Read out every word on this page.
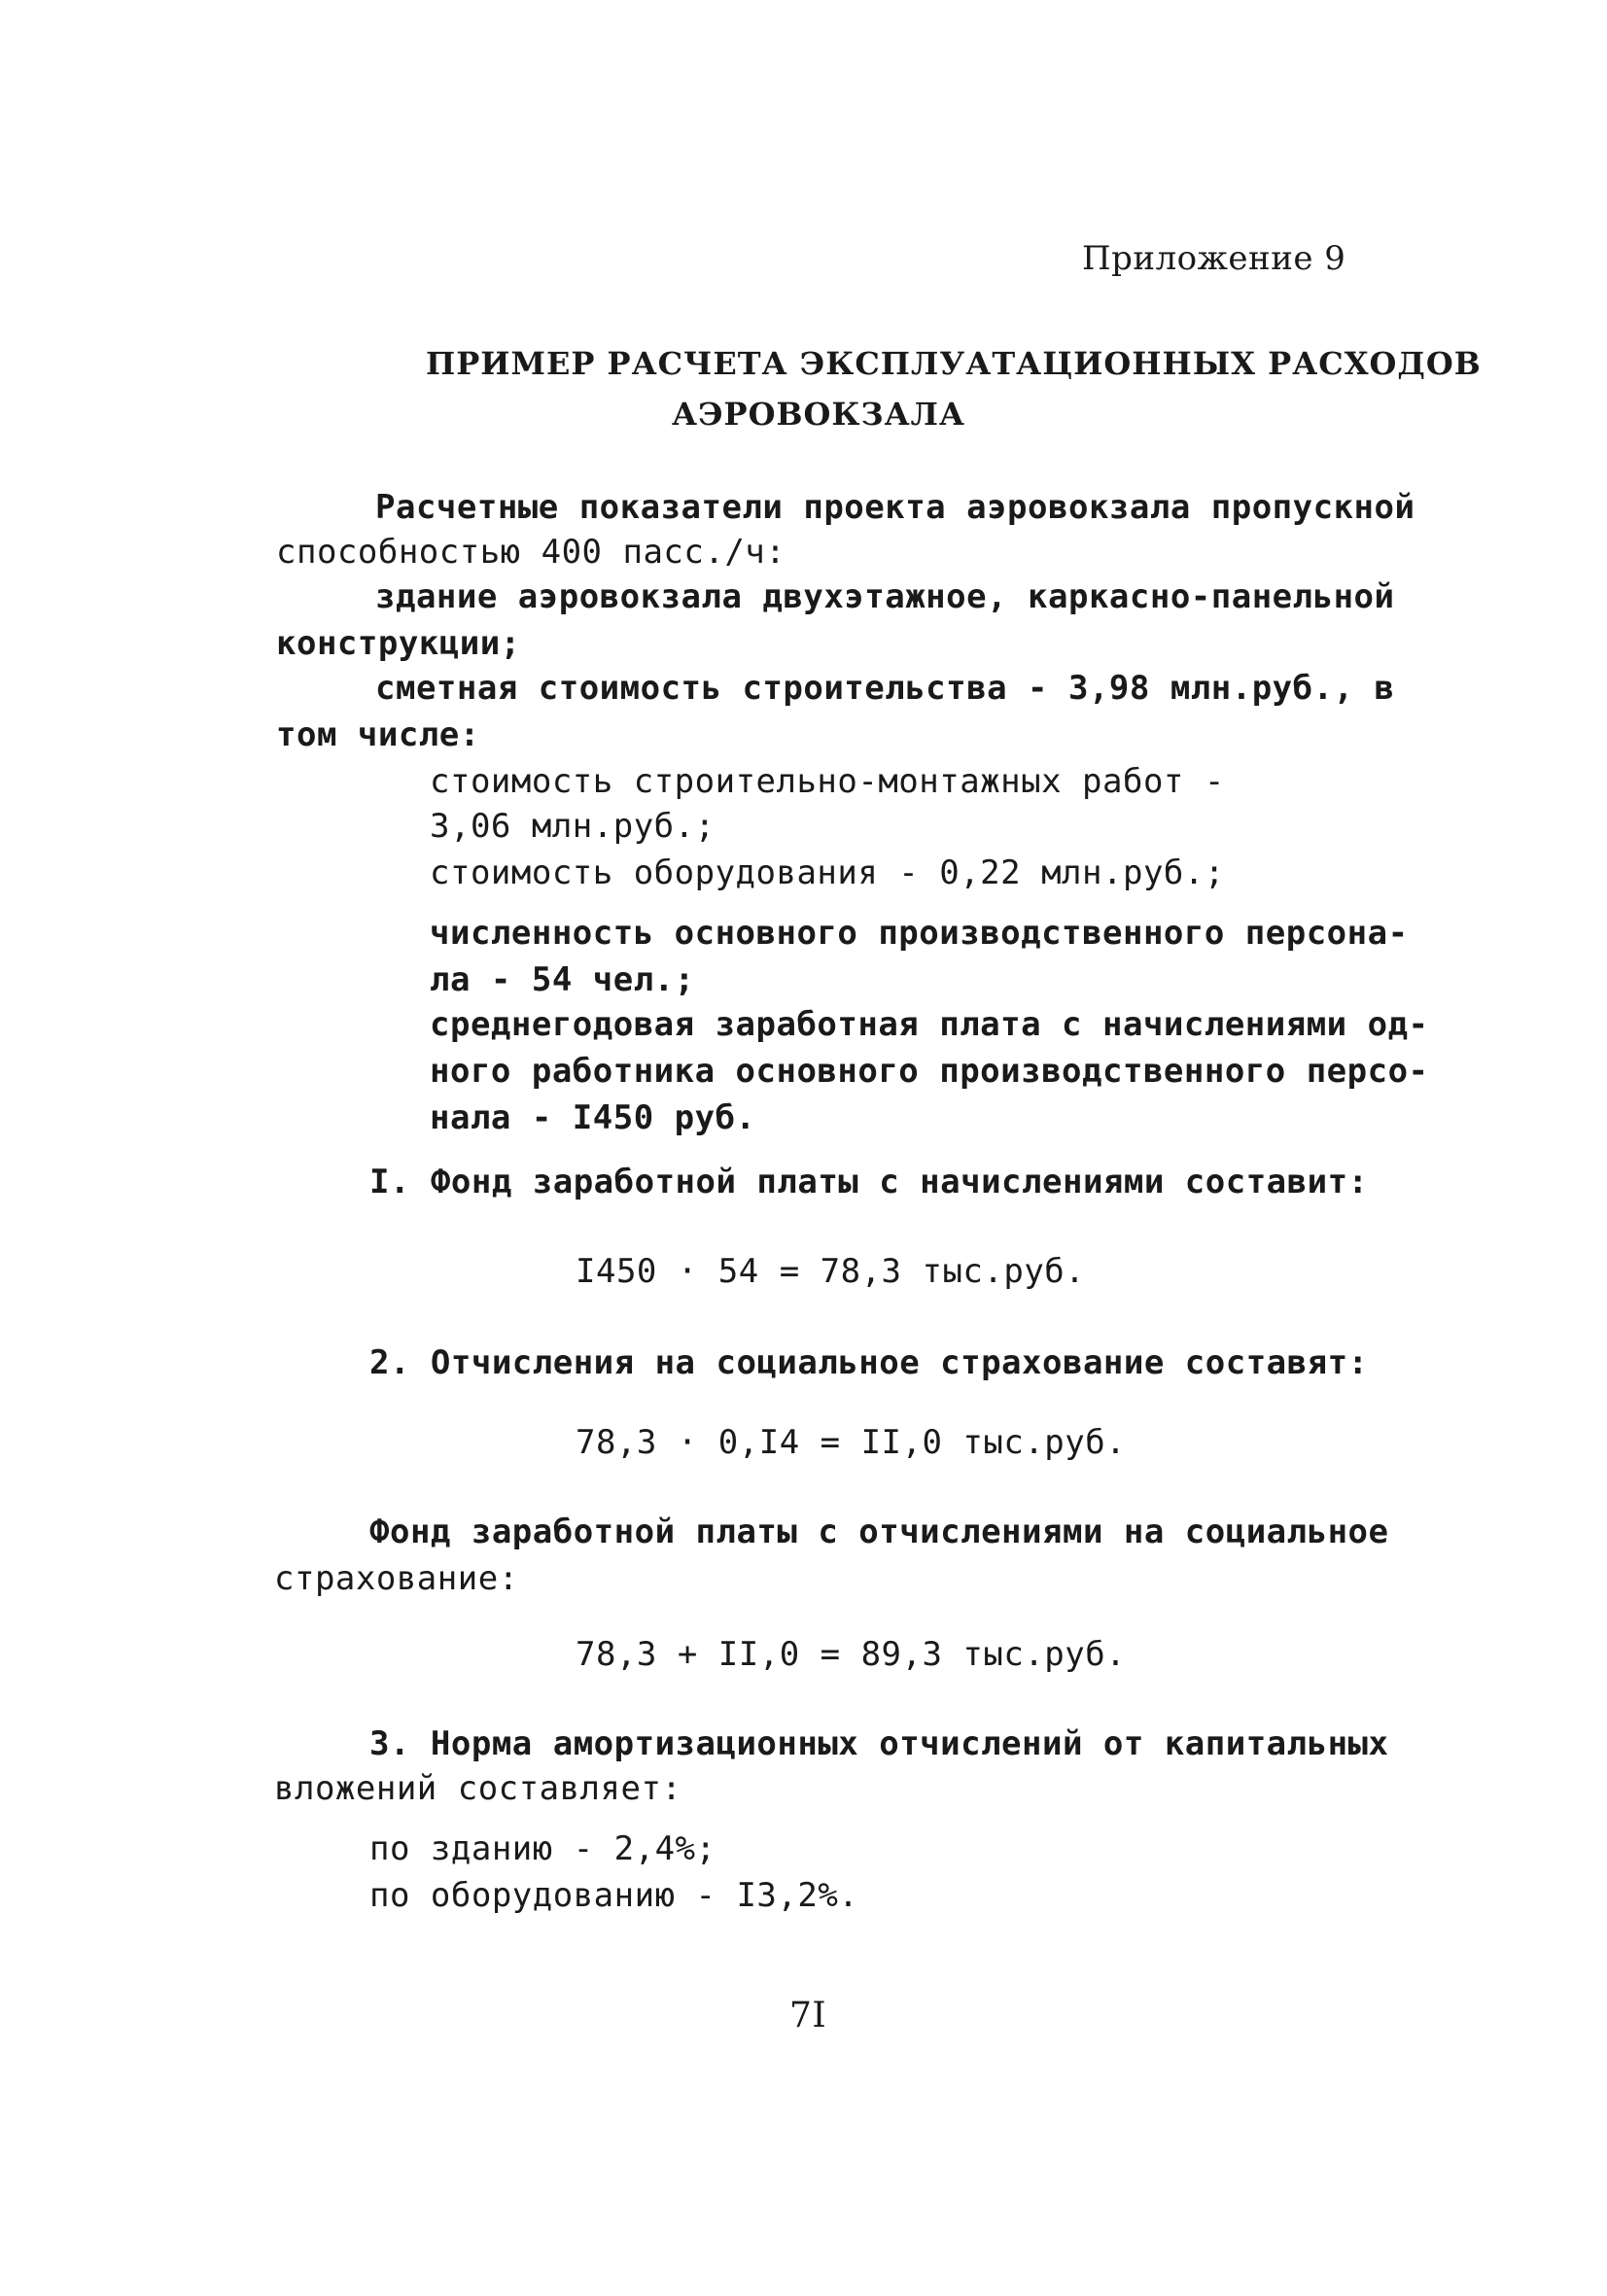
Приложение 9
ПРИМЕР РАСЧЕТА ЭКСПЛУАТАЦИОННЫХ РАСХОДОВ
АЭРОВОКЗАЛА
Расчетные показатели проекта аэровокзала пропускной
способностью 400 пасс./ч:
здание аэровокзала двухэтажное, каркасно-панельной
конструкции;
сметная стоимость строительства - 3,98 млн.руб., в
том числе:
стоимость строительно-монтажных работ -
3,06 млн.руб.;
стоимость оборудования - 0,22 млн.руб.;
численность основного производственного персона-
ла - 54 чел.;
среднегодовая заработная плата с начислениями од-
ного работника основного производственного персо-
нала - I450 руб.
I. Фонд заработной платы с начислениями составит:
I450 · 54 = 78,3 тыс.руб.
2. Отчисления на социальное страхование составят:
78,3 · 0,I4 = II,0 тыс.руб.
Фонд заработной платы с отчислениями на социальное
страхование:
78,3 + II,0 = 89,3 тыс.руб.
3. Норма амортизационных отчислений от капитальных
вложений составляет:
по зданию - 2,4%;
по оборудованию - I3,2%.
7I
